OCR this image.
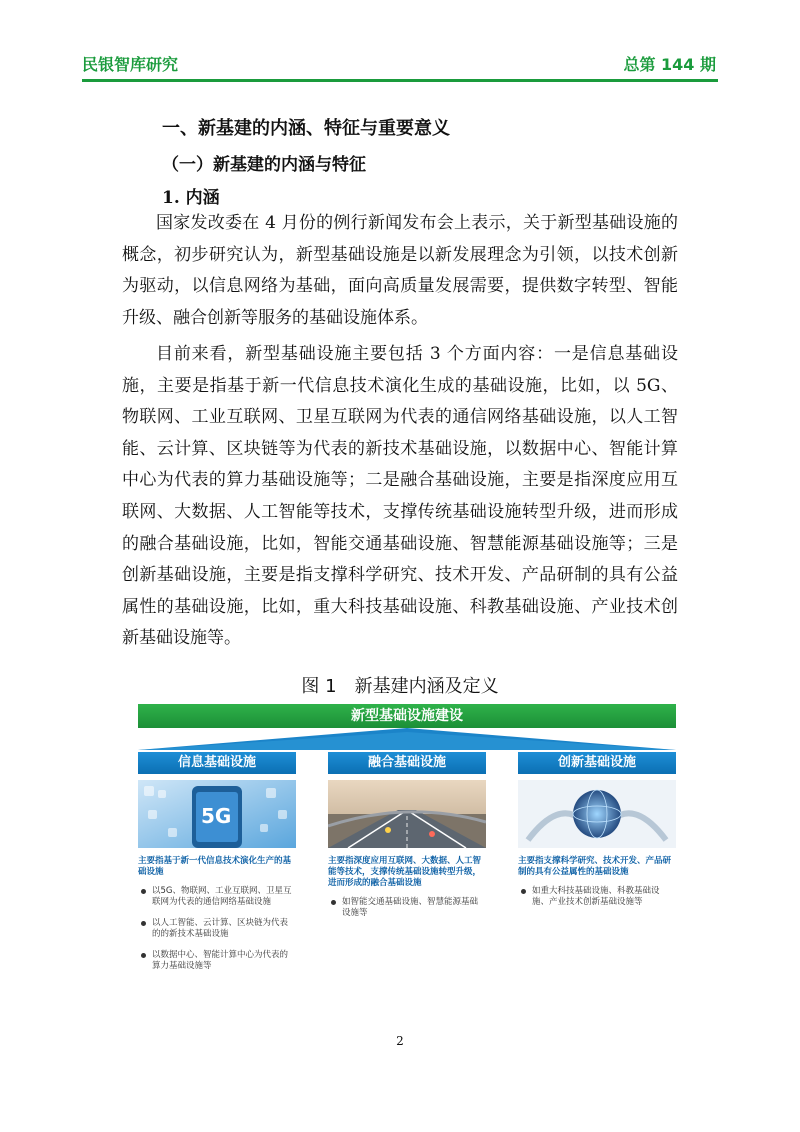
民银智库研究	总第 144 期
一、新基建的内涵、特征与重要意义
（一）新基建的内涵与特征
1. 内涵

国家发改委在 4 月份的例行新闻发布会上表示，关于新型基础设施的概念，初步研究认为，新型基础设施是以新发展理念为引领，以技术创新为驱动，以信息网络为基础，面向高质量发展需要，提供数字转型、智能升级、融合创新等服务的基础设施体系。

目前来看，新型基础设施主要包括 3 个方面内容：一是信息基础设施，主要是指基于新一代信息技术演化生成的基础设施，比如，以 5G、物联网、工业互联网、卫星互联网为代表的通信网络基础设施，以人工智能、云计算、区块链等为代表的新技术基础设施，以数据中心、智能计算中心为代表的算力基础设施等；二是融合基础设施，主要是指深度应用互联网、大数据、人工智能等技术，支撑传统基础设施转型升级，进而形成的融合基础设施，比如，智能交通基础设施、智慧能源基础设施等；三是创新基础设施，主要是指支撑科学研究、技术开发、产品研制的具有公益属性的基础设施，比如，重大科技基础设施、科教基础设施、产业技术创新基础设施等。

图 1　新基建内涵及定义
新型基础设施建设
信息基础设施
5G
主要指基于新一代信息技术演化生产的基础设施
以5G、物联网、工业互联网、卫星互联网为代表的通信网络基础设施
以人工智能、云计算、区块链为代表的的新技术基础设施
以数据中心、智能计算中心为代表的算力基础设施等
融合基础设施
主要指深度应用互联网、大数据、人工智能等技术，支撑传统基础设施转型升级，进而形成的融合基础设施
如智能交通基础设施、智慧能源基础设施等
创新基础设施
主要指支撑科学研究、技术开发、产品研制的具有公益属性的基础设施
如重大科技基础设施、科教基础设施、产业技术创新基础设施等
2
